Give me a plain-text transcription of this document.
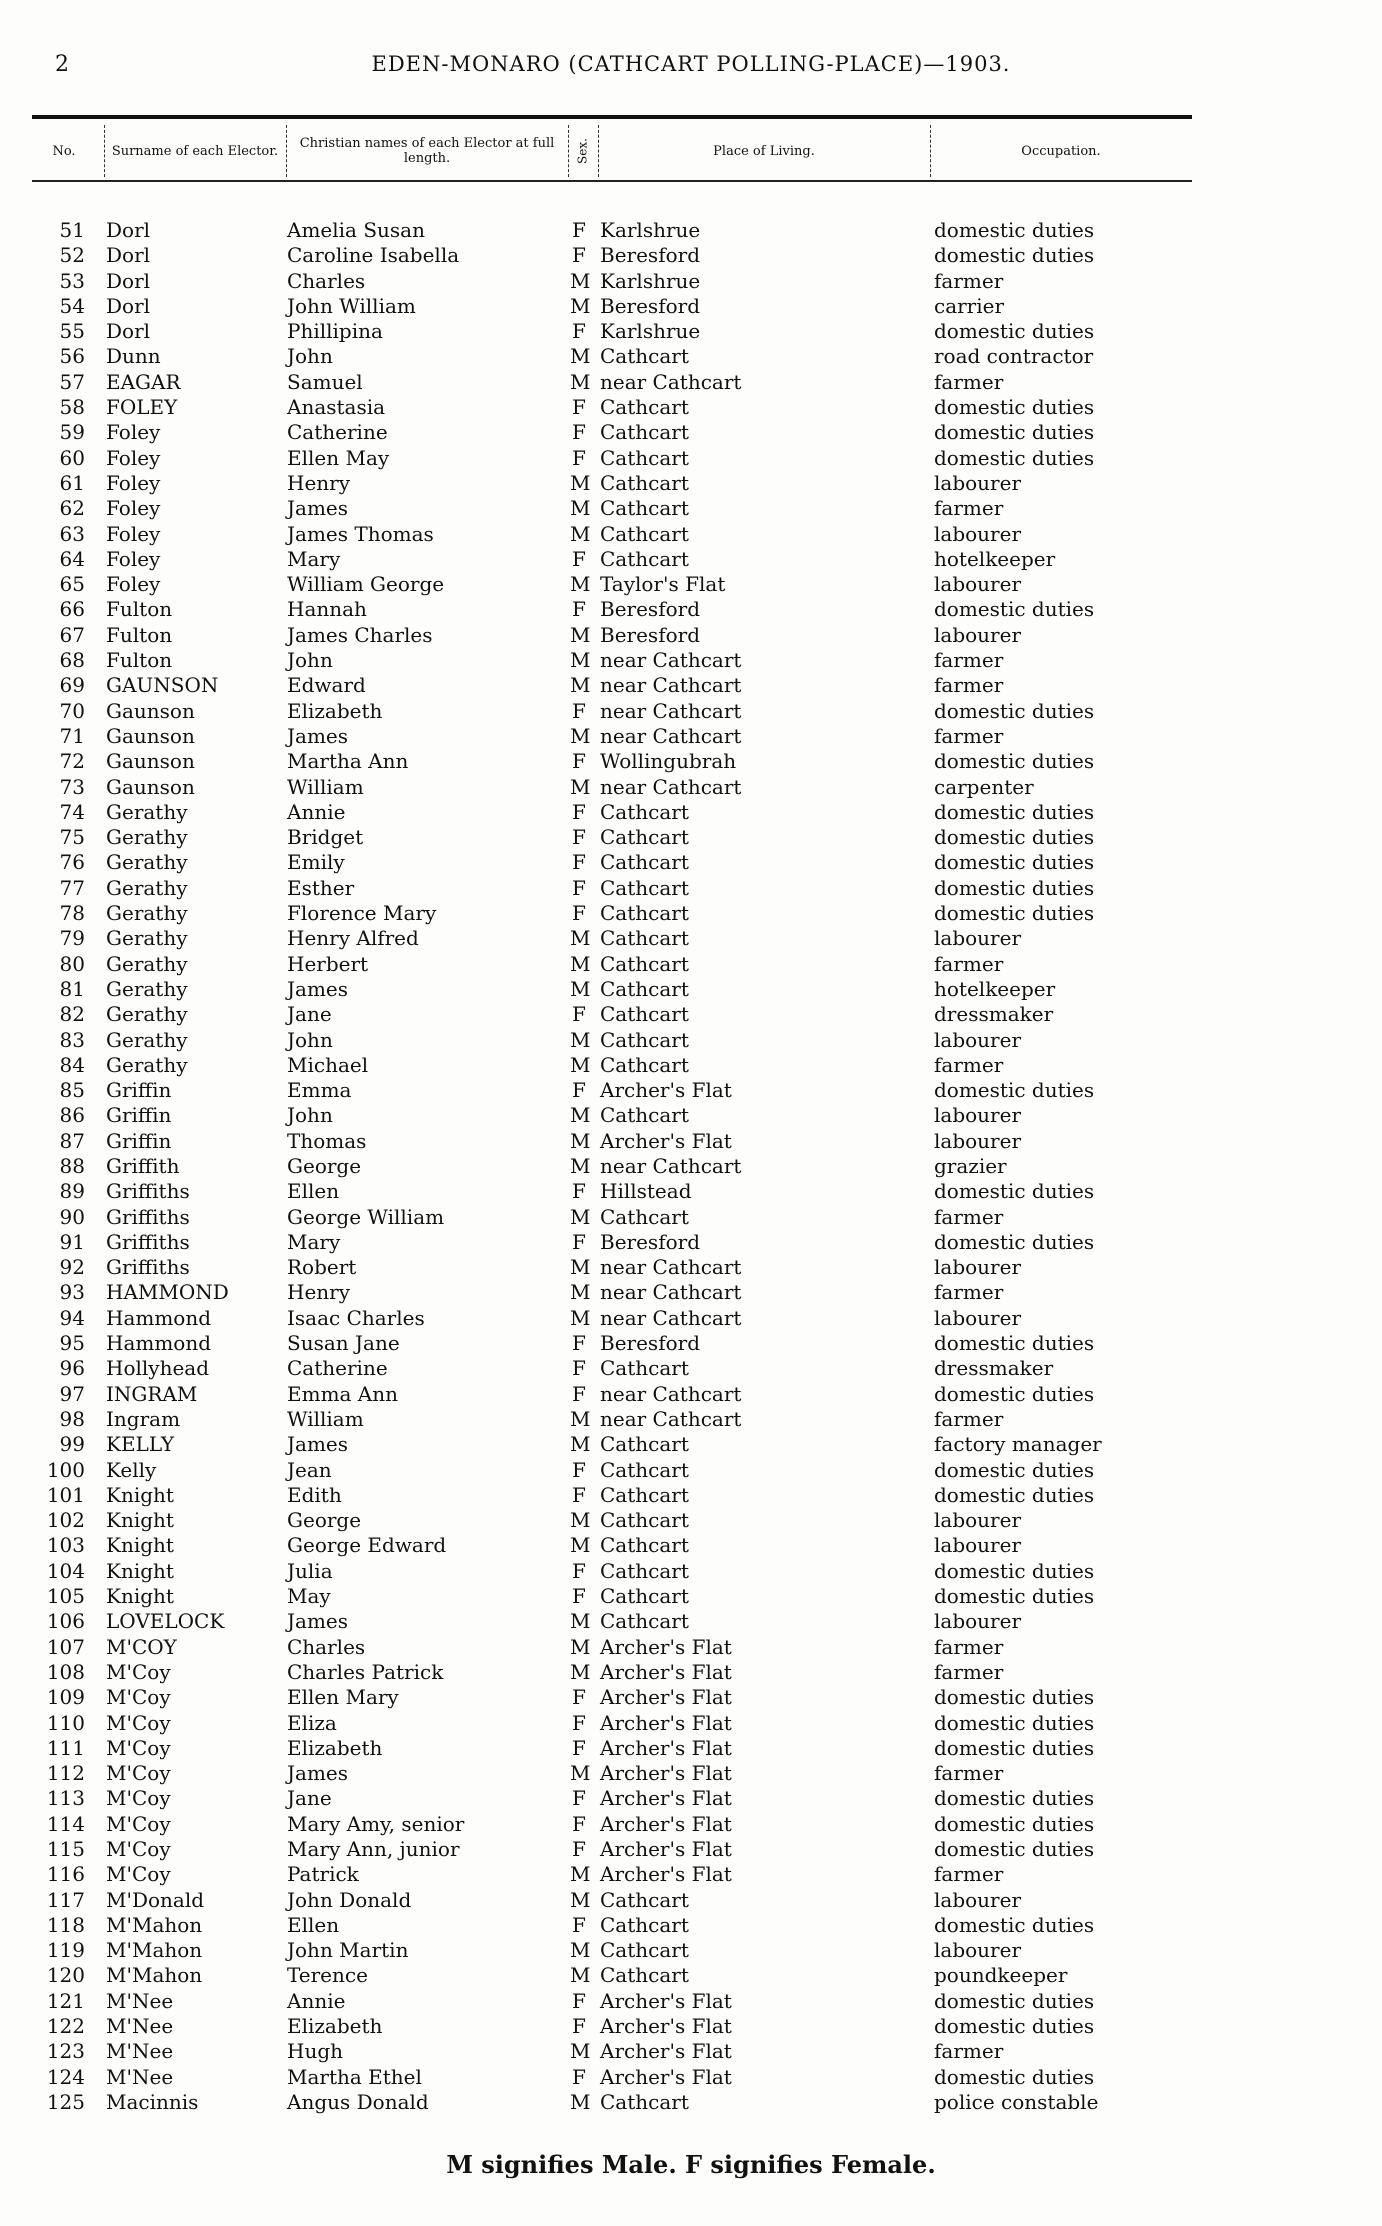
2	EDEN-MONARO (CATHCART POLLING-PLACE)—1903.
No.	Surname of each Elector.	Christian names of each Elector at full length.	Sex.	Place of Living.	Occupation.
51 Dorl	Amelia Susan	F Karlshrue	domestic duties
52 Dorl	Caroline Isabella	F Beresford	domestic duties
53 Dorl	Charles	M Karlshrue	farmer
54 Dorl	John William	M Beresford	carrier
55 Dorl	Phillipina	F Karlshrue	domestic duties
56 Dunn	John	M Cathcart	road contractor
57 EAGAR	Samuel	M near Cathcart	farmer
58 FOLEY	Anastasia	F Cathcart	domestic duties
59 Foley	Catherine	F Cathcart	domestic duties
60 Foley	Ellen May	F Cathcart	domestic duties
61 Foley	Henry	M Cathcart	labourer
62 Foley	James	M Cathcart	farmer
63 Foley	James Thomas	M Cathcart	labourer
64 Foley	Mary	F Cathcart	hotelkeeper
65 Foley	William George	M Taylor's Flat	labourer
66 Fulton	Hannah	F Beresford	domestic duties
67 Fulton	James Charles	M Beresford	labourer
68 Fulton	John	M near Cathcart	farmer
69 GAUNSON	Edward	M near Cathcart	farmer
70 Gaunson	Elizabeth	F near Cathcart	domestic duties
71 Gaunson	James	M near Cathcart	farmer
72 Gaunson	Martha Ann	F Wollingubrah	domestic duties
73 Gaunson	William	M near Cathcart	carpenter
74 Gerathy	Annie	F Cathcart	domestic duties
75 Gerathy	Bridget	F Cathcart	domestic duties
76 Gerathy	Emily	F Cathcart	domestic duties
77 Gerathy	Esther	F Cathcart	domestic duties
78 Gerathy	Florence Mary	F Cathcart	domestic duties
79 Gerathy	Henry Alfred	M Cathcart	labourer
80 Gerathy	Herbert	M Cathcart	farmer
81 Gerathy	James	M Cathcart	hotelkeeper
82 Gerathy	Jane	F Cathcart	dressmaker
83 Gerathy	John	M Cathcart	labourer
84 Gerathy	Michael	M Cathcart	farmer
85 Griffin	Emma	F Archer's Flat	domestic duties
86 Griffin	John	M Cathcart	labourer
87 Griffin	Thomas	M Archer's Flat	labourer
88 Griffith	George	M near Cathcart	grazier
89 Griffiths	Ellen	F Hillstead	domestic duties
90 Griffiths	George William	M Cathcart	farmer
91 Griffiths	Mary	F Beresford	domestic duties
92 Griffiths	Robert	M near Cathcart	labourer
93 HAMMOND	Henry	M near Cathcart	farmer
94 Hammond	Isaac Charles	M near Cathcart	labourer
95 Hammond	Susan Jane	F Beresford	domestic duties
96 Hollyhead	Catherine	F Cathcart	dressmaker
97 INGRAM	Emma Ann	F near Cathcart	domestic duties
98 Ingram	William	M near Cathcart	farmer
99 KELLY	James	M Cathcart	factory manager
100 Kelly	Jean	F Cathcart	domestic duties
101 Knight	Edith	F Cathcart	domestic duties
102 Knight	George	M Cathcart	labourer
103 Knight	George Edward	M Cathcart	labourer
104 Knight	Julia	F Cathcart	domestic duties
105 Knight	May	F Cathcart	domestic duties
106 LOVELOCK	James	M Cathcart	labourer
107 M'COY	Charles	M Archer's Flat	farmer
108 M'Coy	Charles Patrick	M Archer's Flat	farmer
109 M'Coy	Ellen Mary	F Archer's Flat	domestic duties
110 M'Coy	Eliza	F Archer's Flat	domestic duties
111 M'Coy	Elizabeth	F Archer's Flat	domestic duties
112 M'Coy	James	M Archer's Flat	farmer
113 M'Coy	Jane	F Archer's Flat	domestic duties
114 M'Coy	Mary Amy, senior	F Archer's Flat	domestic duties
115 M'Coy	Mary Ann, junior	F Archer's Flat	domestic duties
116 M'Coy	Patrick	M Archer's Flat	farmer
117 M'Donald	John Donald	M Cathcart	labourer
118 M'Mahon	Ellen	F Cathcart	domestic duties
119 M'Mahon	John Martin	M Cathcart	labourer
120 M'Mahon	Terence	M Cathcart	poundkeeper
121 M'Nee	Annie	F Archer's Flat	domestic duties
122 M'Nee	Elizabeth	F Archer's Flat	domestic duties
123 M'Nee	Hugh	M Archer's Flat	farmer
124 M'Nee	Martha Ethel	F Archer's Flat	domestic duties
125 Macinnis	Angus Donald	M Cathcart	police constable
M signifies Male. F signifies Female.
